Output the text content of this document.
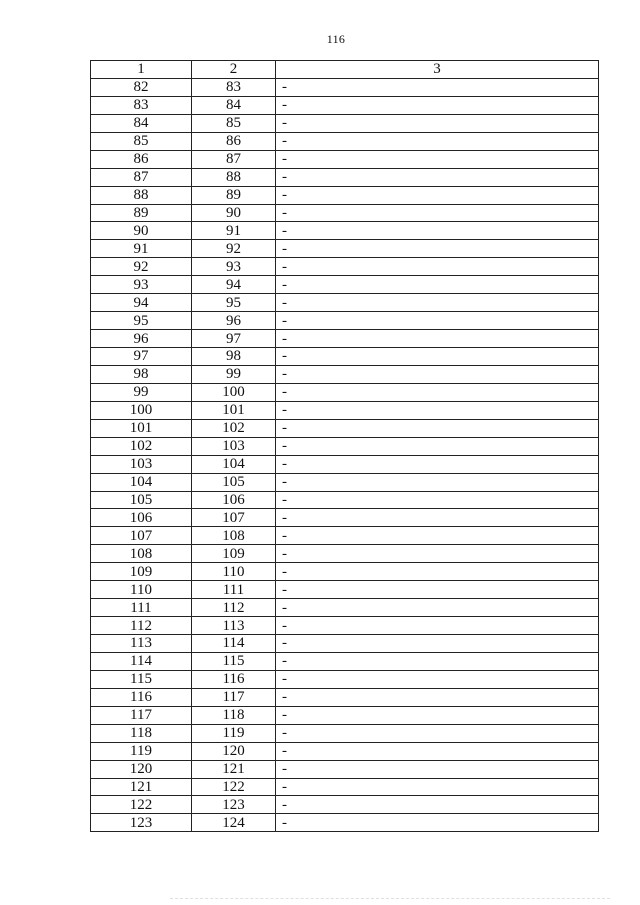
116
1	2	3
82	83	-
83	84	-
84	85	-
85	86	-
86	87	-
87	88	-
88	89	-
89	90	-
90	91	-
91	92	-
92	93	-
93	94	-
94	95	-
95	96	-
96	97	-
97	98	-
98	99	-
99	100	-
100	101	-
101	102	-
102	103	-
103	104	-
104	105	-
105	106	-
106	107	-
107	108	-
108	109	-
109	110	-
110	111	-
111	112	-
112	113	-
113	114	-
114	115	-
115	116	-
116	117	-
117	118	-
118	119	-
119	120	-
120	121	-
121	122	-
122	123	-
123	124	-
